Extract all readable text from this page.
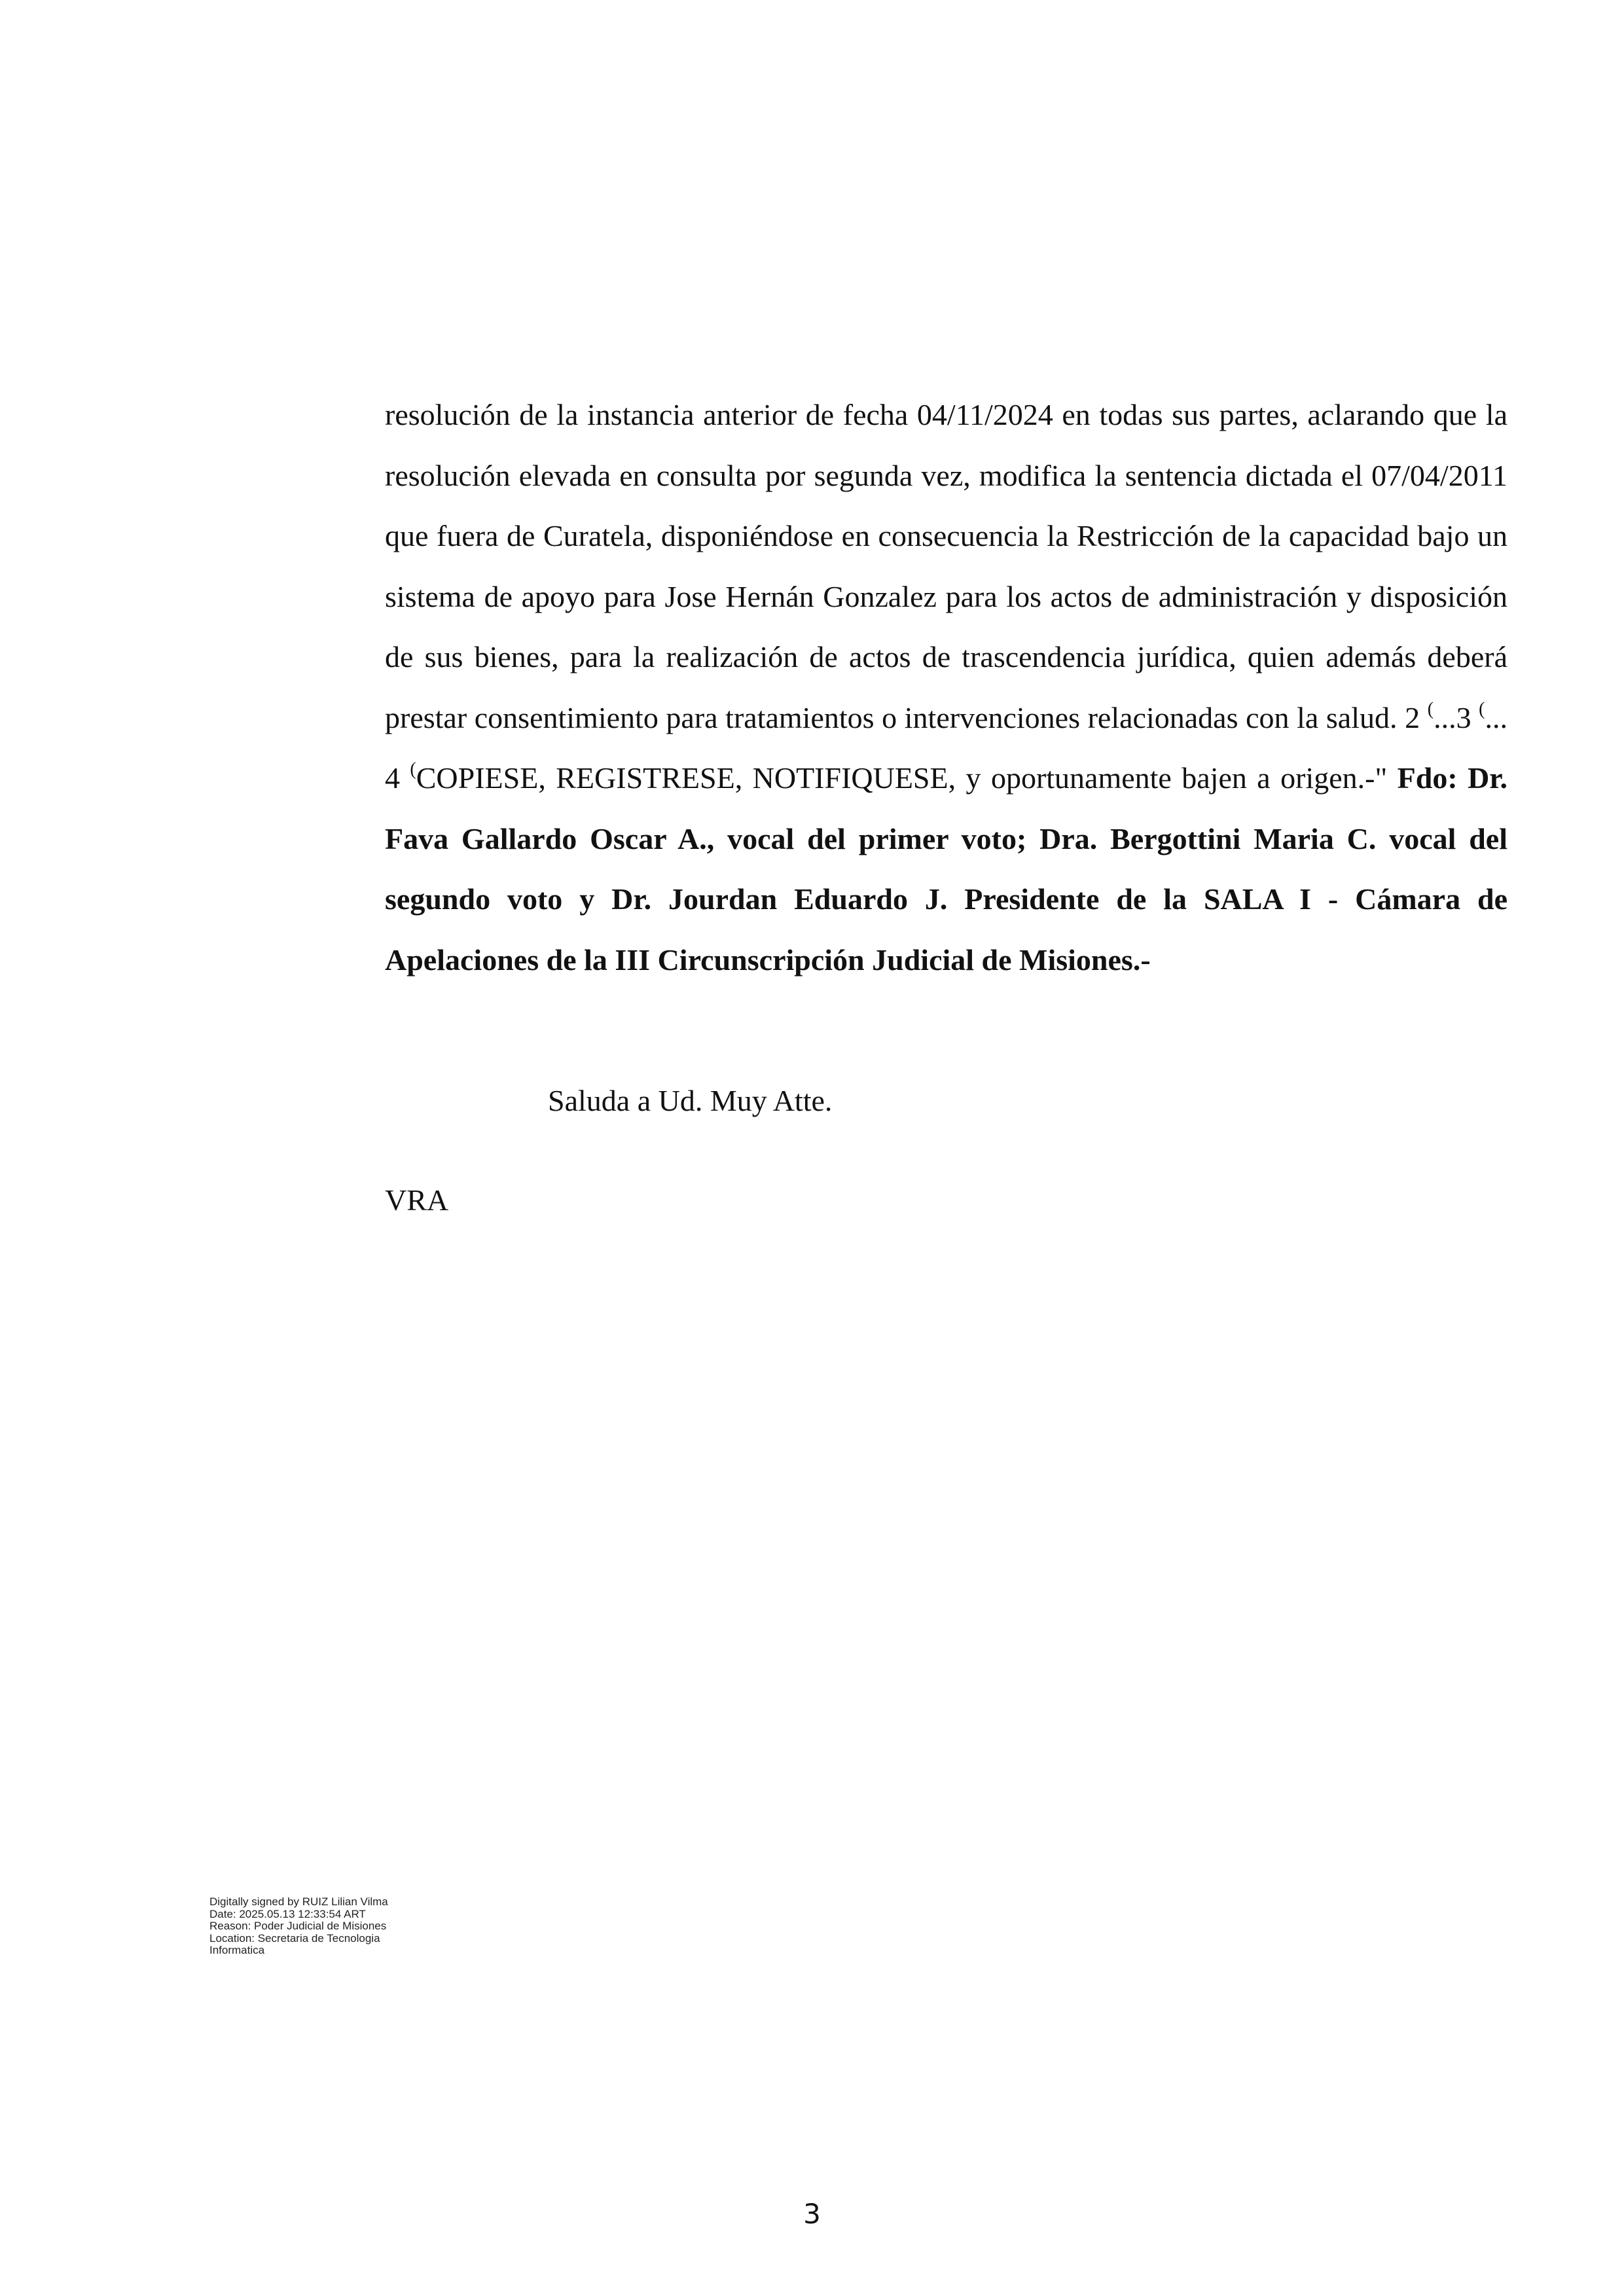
resolución de la instancia anterior de fecha 04/11/2024 en todas sus partes, aclarando que la resolución elevada en consulta por segunda vez, modifica la sentencia dictada el 07/04/2011 que fuera de Curatela, disponiéndose en consecuencia la Restricción de la capacidad bajo un sistema de apoyo para Jose Hernán Gonzalez para los actos de administración y disposición de sus bienes, para la realización de actos de trascendencia jurídica, quien además deberá prestar consentimiento para tratamientos o intervenciones relacionadas con la salud. 2 (...3 (... 4 (COPIESE, REGISTRESE, NOTIFIQUESE, y oportunamente bajen a origen.-" Fdo: Dr. Fava Gallardo Oscar A., vocal del primer voto; Dra. Bergottini Maria C. vocal del segundo voto y Dr. Jourdan Eduardo J. Presidente de la SALA I - Cámara de Apelaciones de la III Circunscripción Judicial de Misiones.-
Saluda a Ud. Muy Atte.
VRA
Digitally signed by RUIZ Lilian Vilma
Date: 2025.05.13 12:33:54 ART
Reason: Poder Judicial de Misiones
Location: Secretaria de Tecnologia
Informatica
3
